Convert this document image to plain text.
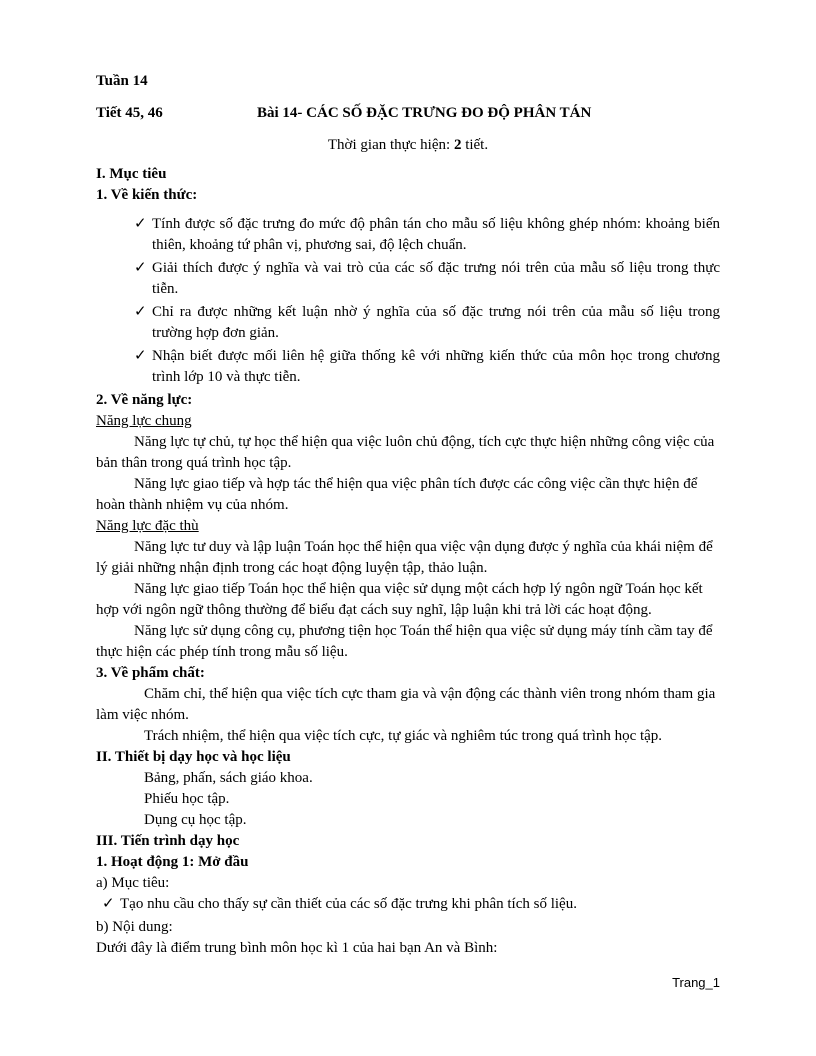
Tuần 14

Tiết 45, 46	Bài 14- CÁC SỐ ĐẶC TRƯNG ĐO ĐỘ PHÂN TÁN

Thời gian thực hiện: 2 tiết.

I. Mục tiêu

1. Về kiến thức:

✓ Tính được số đặc trưng đo mức độ phân tán cho mẫu số liệu không ghép nhóm: khoảng biến thiên, khoảng tứ phân vị, phương sai, độ lệch chuẩn.
✓ Giải thích được ý nghĩa và vai trò của các số đặc trưng nói trên của mẫu số liệu trong thực tiễn.
✓ Chỉ ra được những kết luận nhờ ý nghĩa của số đặc trưng nói trên của mẫu số liệu trong trường hợp đơn giản.
✓ Nhận biết được mối liên hệ giữa thống kê với những kiến thức của môn học trong chương trình lớp 10 và thực tiễn.

2. Về năng lực:

Năng lực chung

Năng lực tự chủ, tự học thể hiện qua việc luôn chủ động, tích cực thực hiện những công việc của bản thân trong quá trình học tập.

Năng lực giao tiếp và hợp tác thể hiện qua việc phân tích được các công việc cần thực hiện để hoàn thành nhiệm vụ của nhóm.

Năng lực đặc thù

Năng lực tư duy và lập luận Toán học thể hiện qua việc vận dụng được ý nghĩa của khái niệm để lý giải những nhận định trong các hoạt động luyện tập, thảo luận.

Năng lực giao tiếp Toán học thể hiện qua việc sử dụng một cách hợp lý ngôn ngữ Toán học kết hợp với ngôn ngữ thông thường để biểu đạt cách suy nghĩ, lập luận khi trả lời các hoạt động.

Năng lực sử dụng công cụ, phương tiện học Toán thể hiện qua việc sử dụng máy tính cầm tay để thực hiện các phép tính trong mẫu số liệu.

3. Về phẩm chất:

Chăm chỉ, thể hiện qua việc tích cực tham gia và vận động các thành viên trong nhóm tham gia làm việc nhóm.

Trách nhiệm, thể hiện qua việc tích cực, tự giác và nghiêm túc trong quá trình học tập.

II. Thiết bị dạy học và học liệu

Bảng, phấn, sách giáo khoa.

Phiếu học tập.

Dụng cụ học tập.

III. Tiến trình dạy học

1. Hoạt động 1: Mở đầu

a) Mục tiêu:

✓ Tạo nhu cầu cho thấy sự cần thiết của các số đặc trưng khi phân tích số liệu.

b) Nội dung:

Dưới đây là điểm trung bình môn học kì 1 của hai bạn An và Bình:

Trang_1
